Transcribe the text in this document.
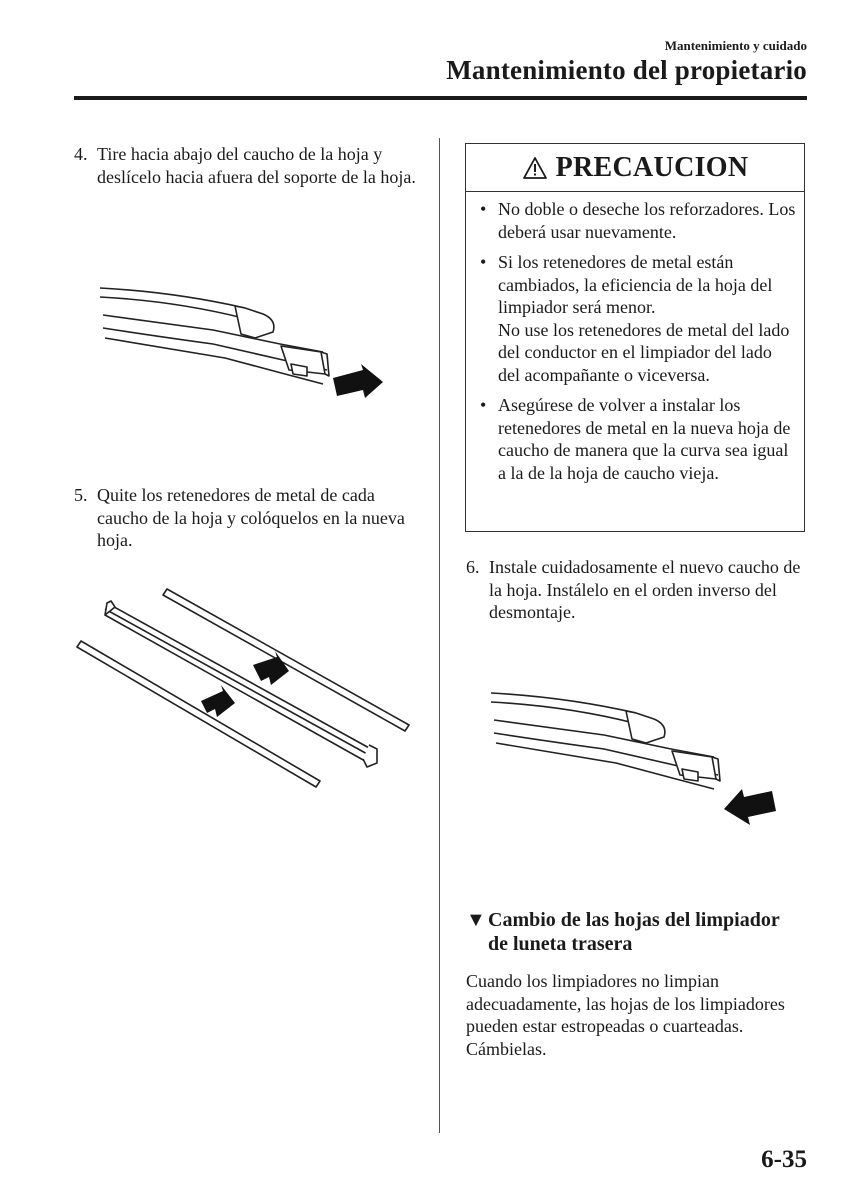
Mantenimiento y cuidado
Mantenimiento del propietario
4. Tire hacia abajo del caucho de la hoja y deslícelo hacia afuera del soporte de la hoja.
5. Quite los retenedores de metal de cada caucho de la hoja y colóquelos en la nueva hoja.
PRECAUCION
• No doble o deseche los reforzadores. Los deberá usar nuevamente.
• Si los retenedores de metal están cambiados, la eficiencia de la hoja del limpiador será menor.
No use los retenedores de metal del lado del conductor en el limpiador del lado del acompañante o viceversa.
• Asegúrese de volver a instalar los retenedores de metal en la nueva hoja de caucho de manera que la curva sea igual a la de la hoja de caucho vieja.
6. Instale cuidadosamente el nuevo caucho de la hoja. Instálelo en el orden inverso del desmontaje.
▼ Cambio de las hojas del limpiador de luneta trasera

Cuando los limpiadores no limpian adecuadamente, las hojas de los limpiadores pueden estar estropeadas o cuarteadas.

Cámbielas.

6-35
